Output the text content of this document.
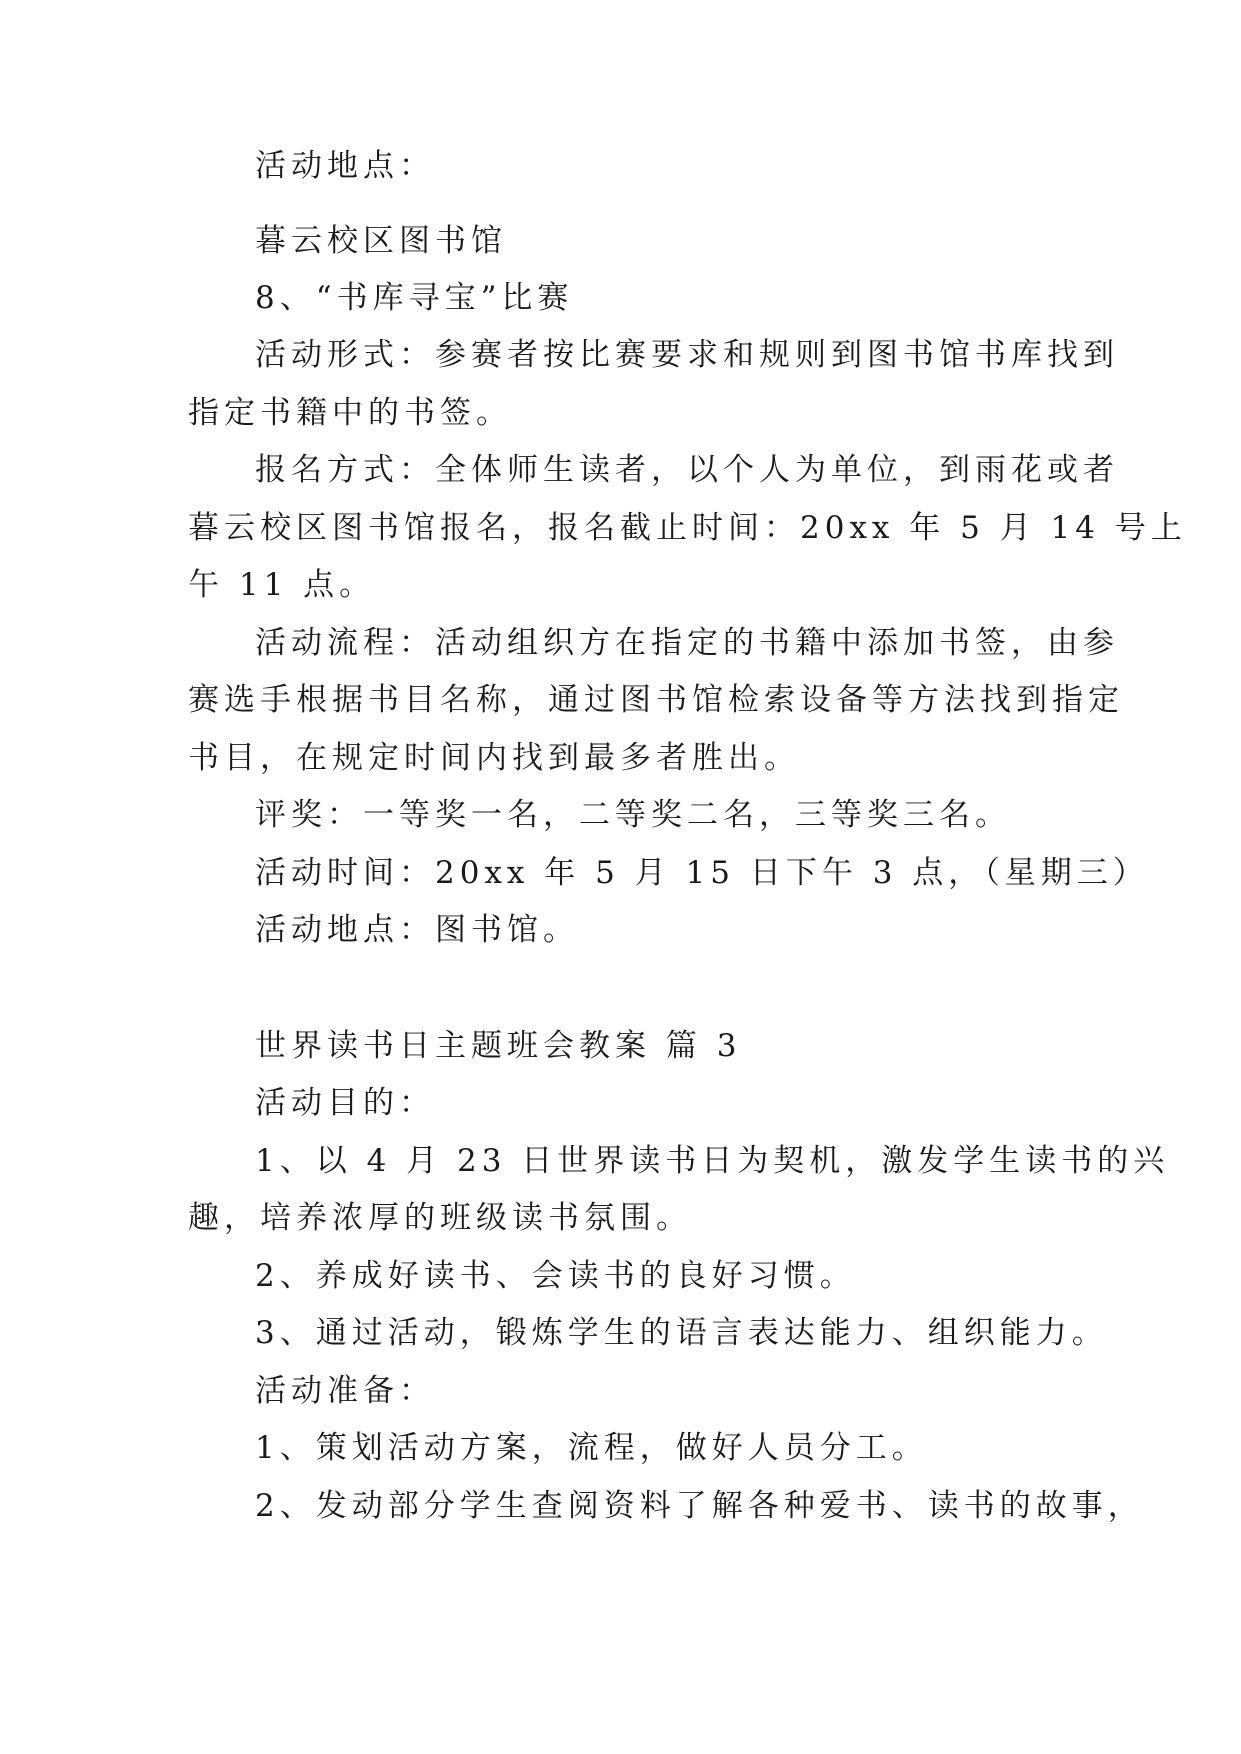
活动地点：
暮云校区图书馆
8、“书库寻宝”比赛
活动形式：参赛者按比赛要求和规则到图书馆书库找到
指定书籍中的书签。
报名方式：全体师生读者，以个人为单位，到雨花或者
暮云校区图书馆报名，报名截止时间：20xx 年 5 月 14 号上
午 11 点。
活动流程：活动组织方在指定的书籍中添加书签，由参
赛选手根据书目名称，通过图书馆检索设备等方法找到指定
书目，在规定时间内找到最多者胜出。
评奖：一等奖一名，二等奖二名，三等奖三名。
活动时间：20xx 年 5 月 15 日下午 3 点，（星期三）
活动地点：图书馆。
世界读书日主题班会教案 篇 3
活动目的：
1、以 4 月 23 日世界读书日为契机，激发学生读书的兴
趣，培养浓厚的班级读书氛围。
2、养成好读书、会读书的良好习惯。
3、通过活动，锻炼学生的语言表达能力、组织能力。
活动准备：
1、策划活动方案，流程，做好人员分工。
2、发动部分学生查阅资料了解各种爱书、读书的故事，
